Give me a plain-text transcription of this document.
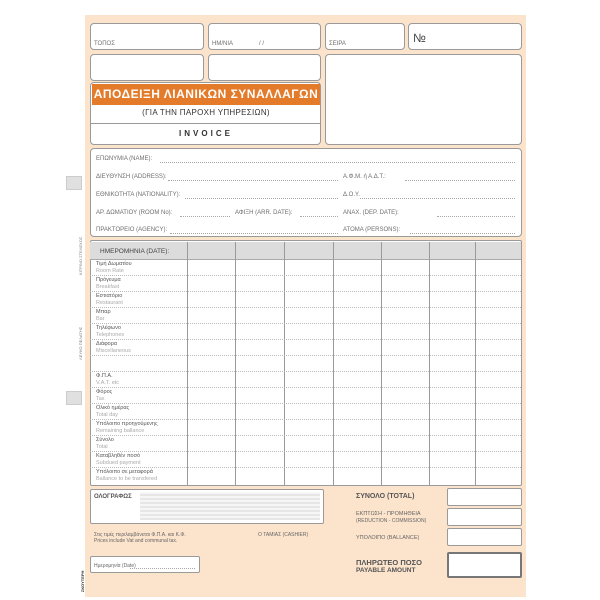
ΚΙΤΡΙΝΟ ΣΤΕΛΕΧΟΣ
ΛΕΥΚΟ ΠΕΛΑΤΗΣ
ΣΚΟΥΤΕΡΗ
ΤΟΠΟΣ	ΗΜ/ΝΙΑ	/ /	ΣΕΙΡΑ	№
ΑΠΟΔΕΙΞΗ ΛΙΑΝΙΚΩΝ ΣΥΝΑΛΛΑΓΩΝ
(ΓΙΑ ΤΗΝ ΠΑΡΟΧΗ ΥΠΗΡΕΣΙΩΝ)
INVOICE
ΕΠΩΝΥΜΙΑ (NAME):
ΔΙΕΥΘΥΝΣΗ (ADDRESS):	Α.Φ.Μ. ή Α.Δ.Τ.:
ΕΘΝΙΚΟΤΗΤΑ (NATIONALITY):	Δ.Ο.Υ.
ΑΡ. ΔΩΜΑΤΙΟΥ (ROOM No):	ΑΦΙΞΗ (ARR. DATE):	ΑΝΑΧ. (DEP. DATE):
ΠΡΑΚΤΟΡΕΙΟ (AGENCY):	ΑΤΟΜΑ (PERSONS):
ΗΜΕΡΟΜΗΝΙΑ (DATE):
Τιμή Δωματίου
Room Rate
Πρόγευμα
Breakfast
Εστιατόριο
Restaurant
Μπαρ
Bar
Τηλέφωνο
Telephones
Διάφορα
Miscellaneous
Φ.Π.Α.
V.A.T. etc
Φόρος
Tax
Ολικό ημέρας
Total day
Υπόλοιπο προηγούμενης
Remaining ballance
Σύνολο
Total
Καταβληθέν ποσό
Subdued payment
Υπόλοιπο σε μεταφορά
Ballance to be transfered
ΟΛΟΓΡΑΦΩΣ
Στις τιμές περιλαμβάνεται Φ.Π.Α. και Κ.Φ.
Prices include Vat and communal tax.
Ο ΤΑΜΙΑΣ (CASHIER)
Ημερομηνία (Date)
ΣΥΝΟΛΟ (TOTAL)
ΕΚΠΤΩΣΗ - ΠΡΟΜΗΘΕΙΑ
(REDUCTION - COMMISSION)
ΥΠΟΛΟΙΠΟ (BALLANCE)
ΠΛΗΡΩΤΕΟ ΠΟΣΟ
PAYABLE AMOUNT
